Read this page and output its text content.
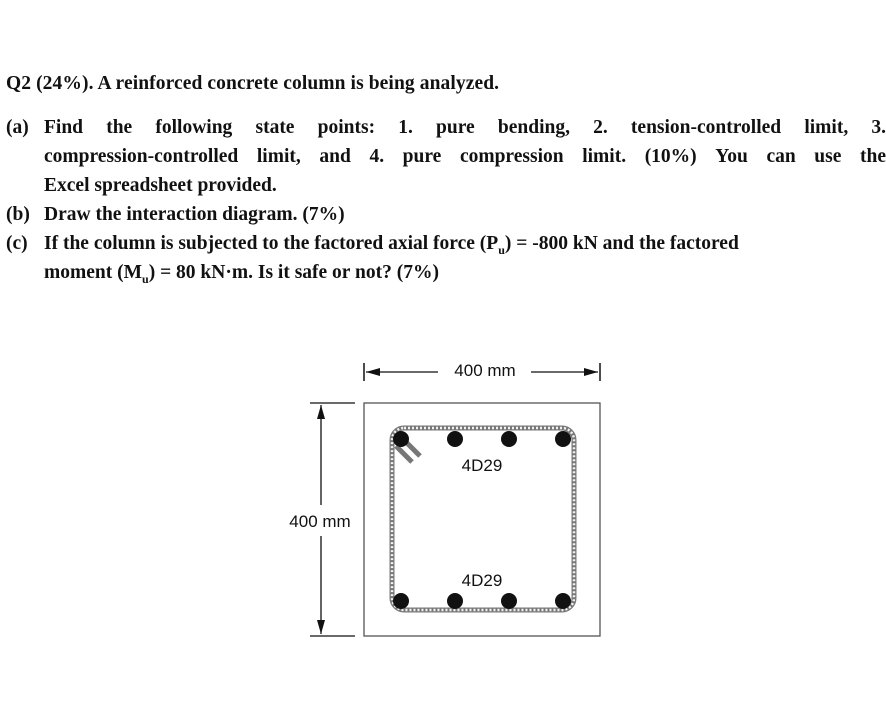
Q2 (24%). A reinforced concrete column is being analyzed.
(a) Find the following state points: 1. pure bending, 2. tension-controlled limit, 3.
compression-controlled limit, and 4. pure compression limit. (10%) You can use the
Excel spreadsheet provided.
(b) Draw the interaction diagram. (7%)
(c) If the column is subjected to the factored axial force $(P_u) = -800$ kN and the factored
moment $(M_u) = 80$ kN·m. Is it safe or not? (7%)
400 mm
400 mm
4D29
4D29
